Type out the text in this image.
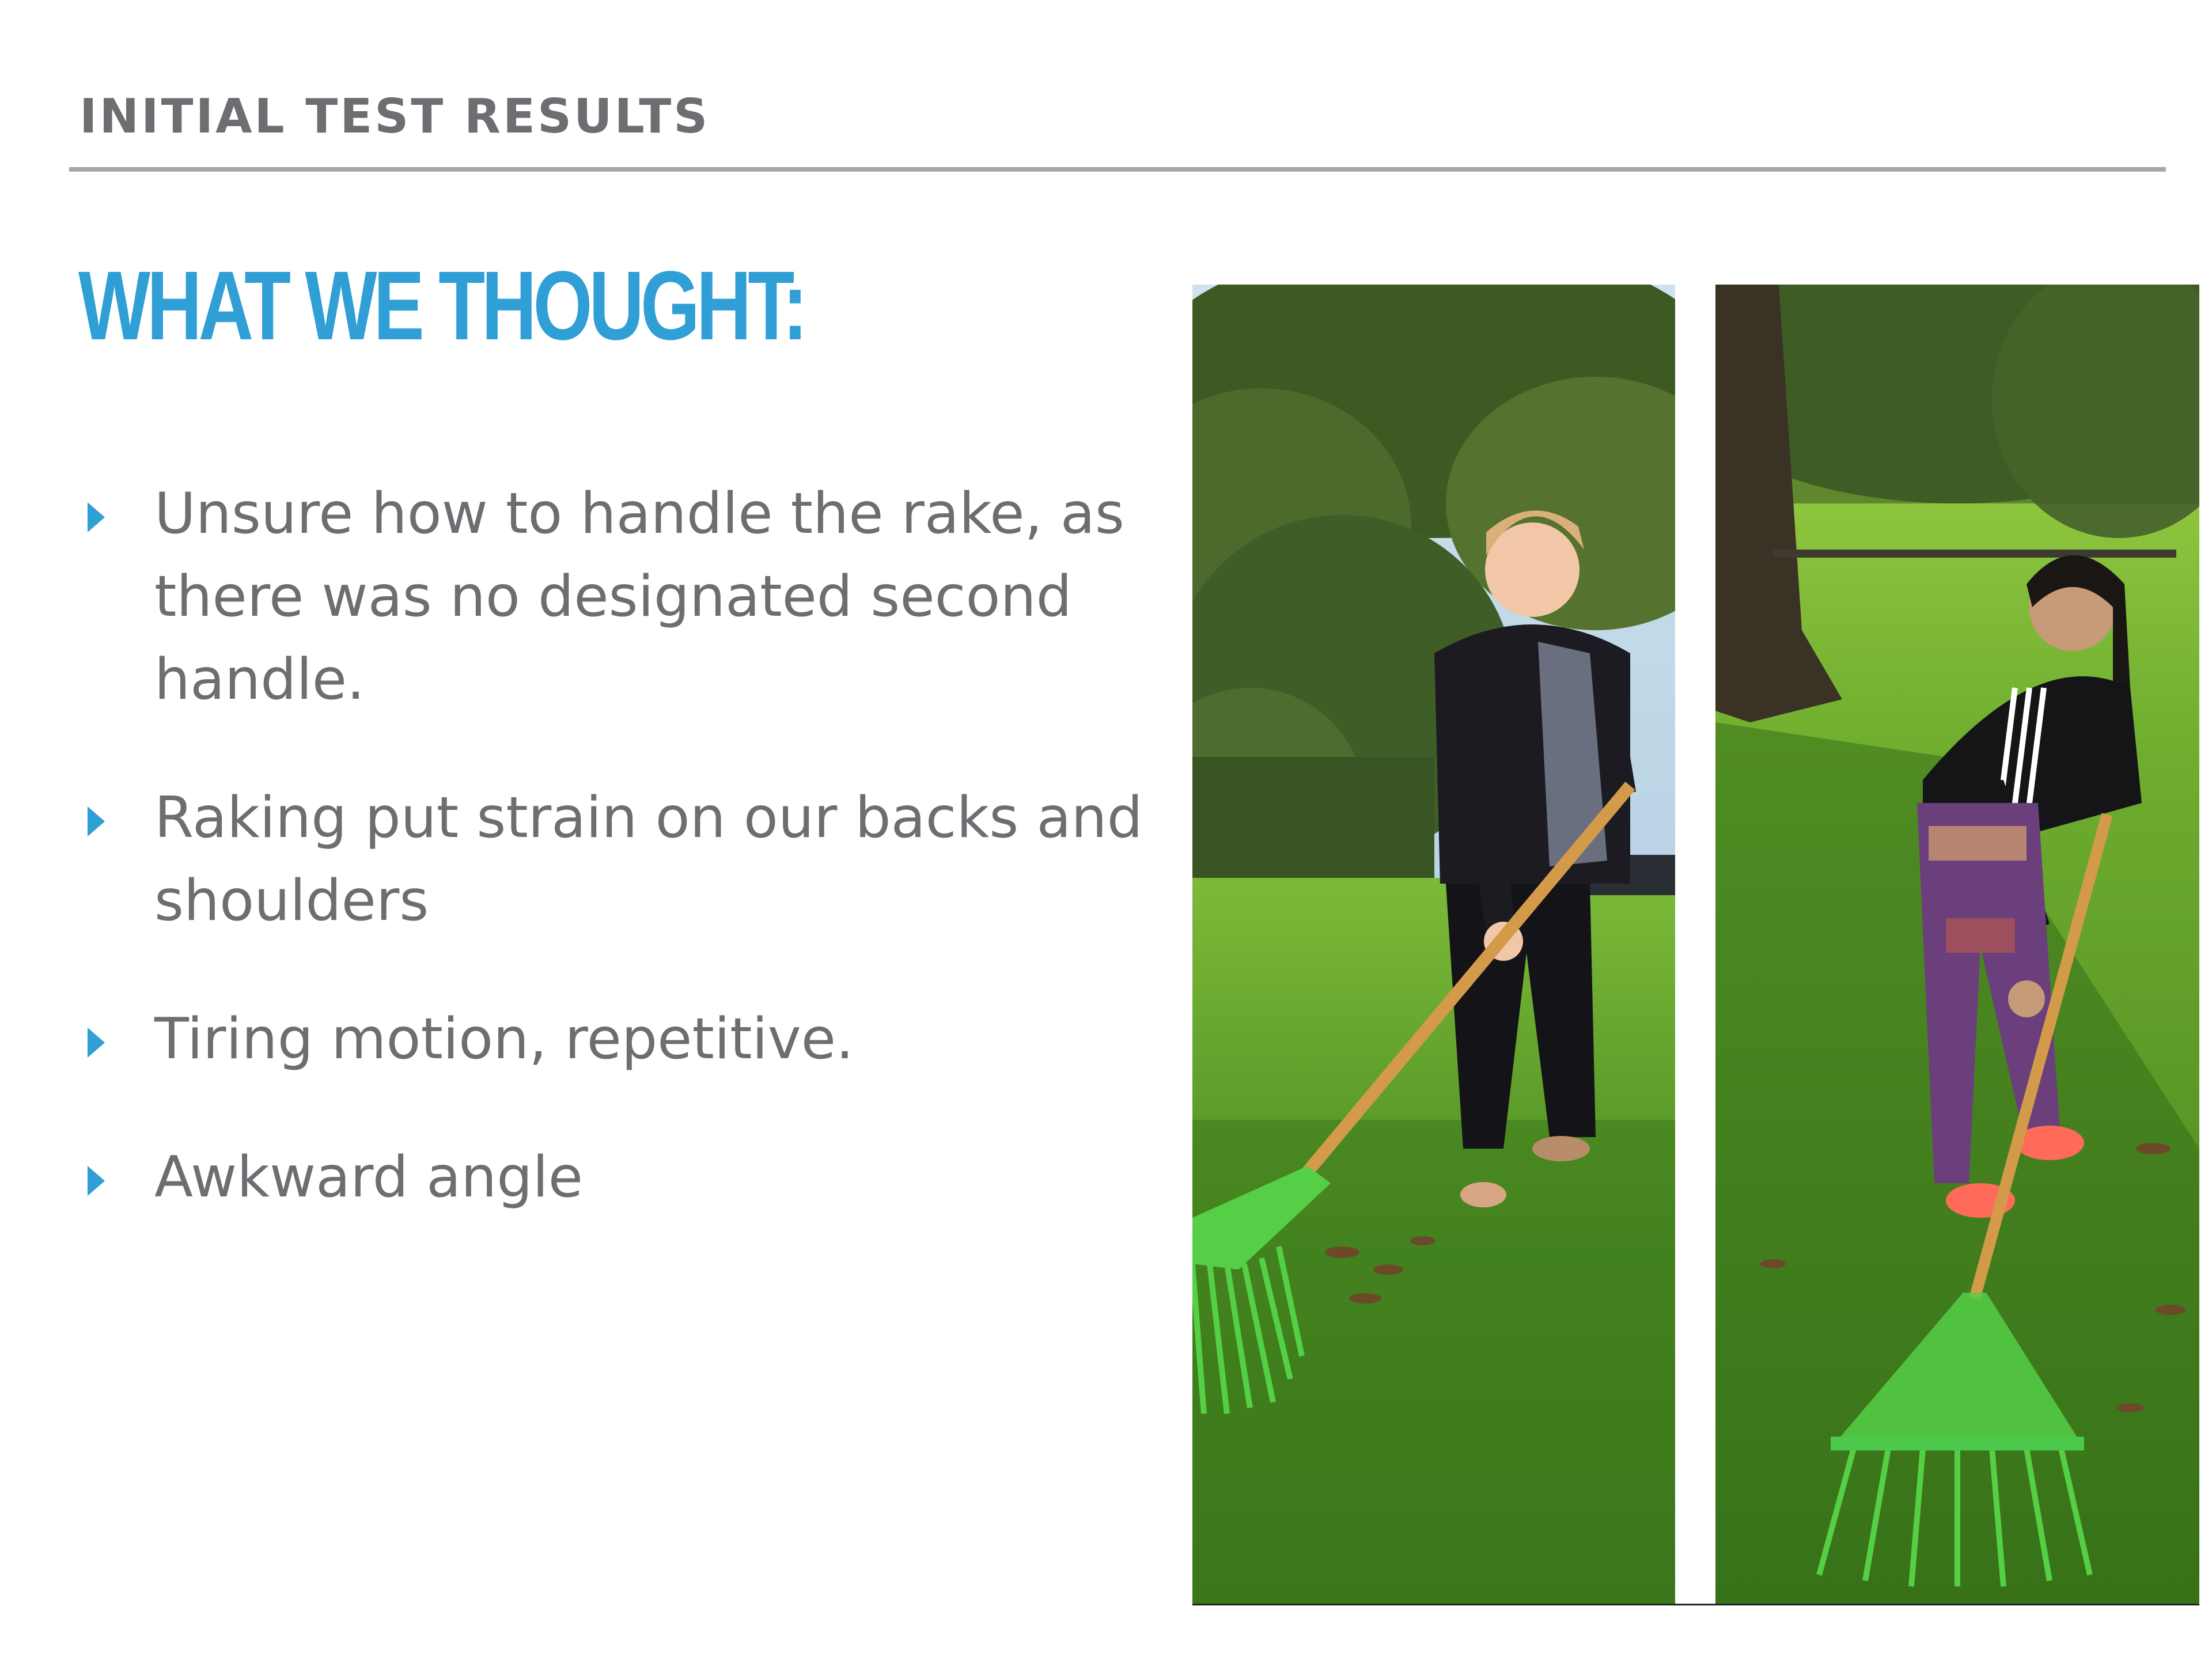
INITIAL TEST RESULTS
WHAT WE THOUGHT:
Unsure how to handle the rake, as there was no designated second handle.
Raking put strain on our backs and shoulders
Tiring motion, repetitive.
Awkward angle
